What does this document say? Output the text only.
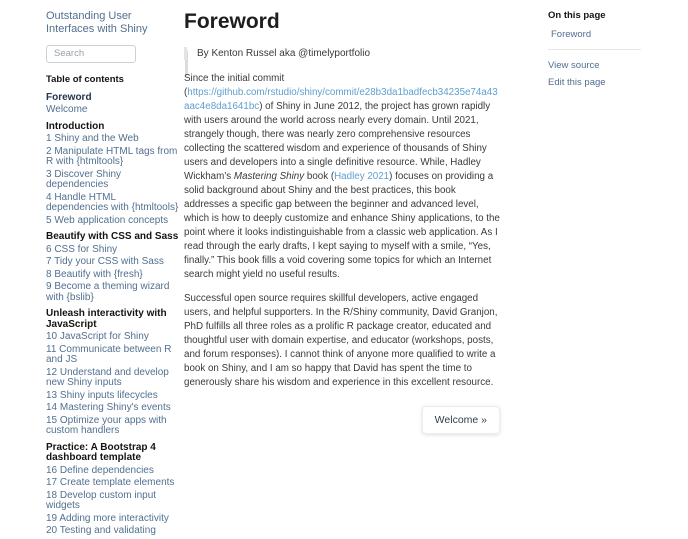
Outstanding User Interfaces with Shiny
Search
Table of contents
Foreword
Welcome
Introduction
1 Shiny and the Web
2 Manipulate HTML tags from R with {htmltools}
3 Discover Shiny dependencies
4 Handle HTML dependencies with {htmltools}
5 Web application concepts
Beautify with CSS and Sass
6 CSS for Shiny
7 Tidy your CSS with Sass
8 Beautify with {fresh}
9 Become a theming wizard with {bslib}
Unleash interactivity with JavaScript
10 JavaScript for Shiny
11 Communicate between R and JS
12 Understand and develop new Shiny inputs
13 Shiny inputs lifecycles
14 Mastering Shiny's events
15 Optimize your apps with custom handlers
Practice: A Bootstrap 4 dashboard template
16 Define dependencies
17 Create template elements
18 Develop custom input widgets
19 Adding more interactivity
20 Testing and validating
Foreword
By Kenton Russel aka @timelyportfolio

Since the initial commit (https://github.com/rstudio/shiny/commit/e28b3da1badfecb34235e74a43aac4e8da1641bc) of Shiny in June 2012, the project has grown rapidly with users around the world across nearly every domain. Until 2021, strangely though, there was nearly zero comprehensive resources collecting the scattered wisdom and experience of thousands of Shiny users and developers into a single definitive resource. While, Hadley Wickham’s Mastering Shiny book (Hadley 2021) focuses on providing a solid background about Shiny and the best practices, this book addresses a specific gap between the beginner and advanced level, which is how to deeply customize and enhance Shiny applications, to the point where it looks indistinguishable from a classic web application. As I read through the early drafts, I kept saying to myself with a smile, “Yes, finally.” This book fills a void covering some topics for which an Internet search might yield no useful results.

Successful open source requires skillful developers, active engaged users, and helpful supporters. In the R/Shiny community, David Granjon, PhD fulfills all three roles as a prolific R package creator, educated and thoughtful user with domain expertise, and educator (workshops, posts, and forum responses). I cannot think of anyone more qualified to write a book on Shiny, and I am so happy that David has spent the time to generously share his wisdom and experience in this excellent resource.

Welcome »
On this page
Foreword
View source
Edit this page
